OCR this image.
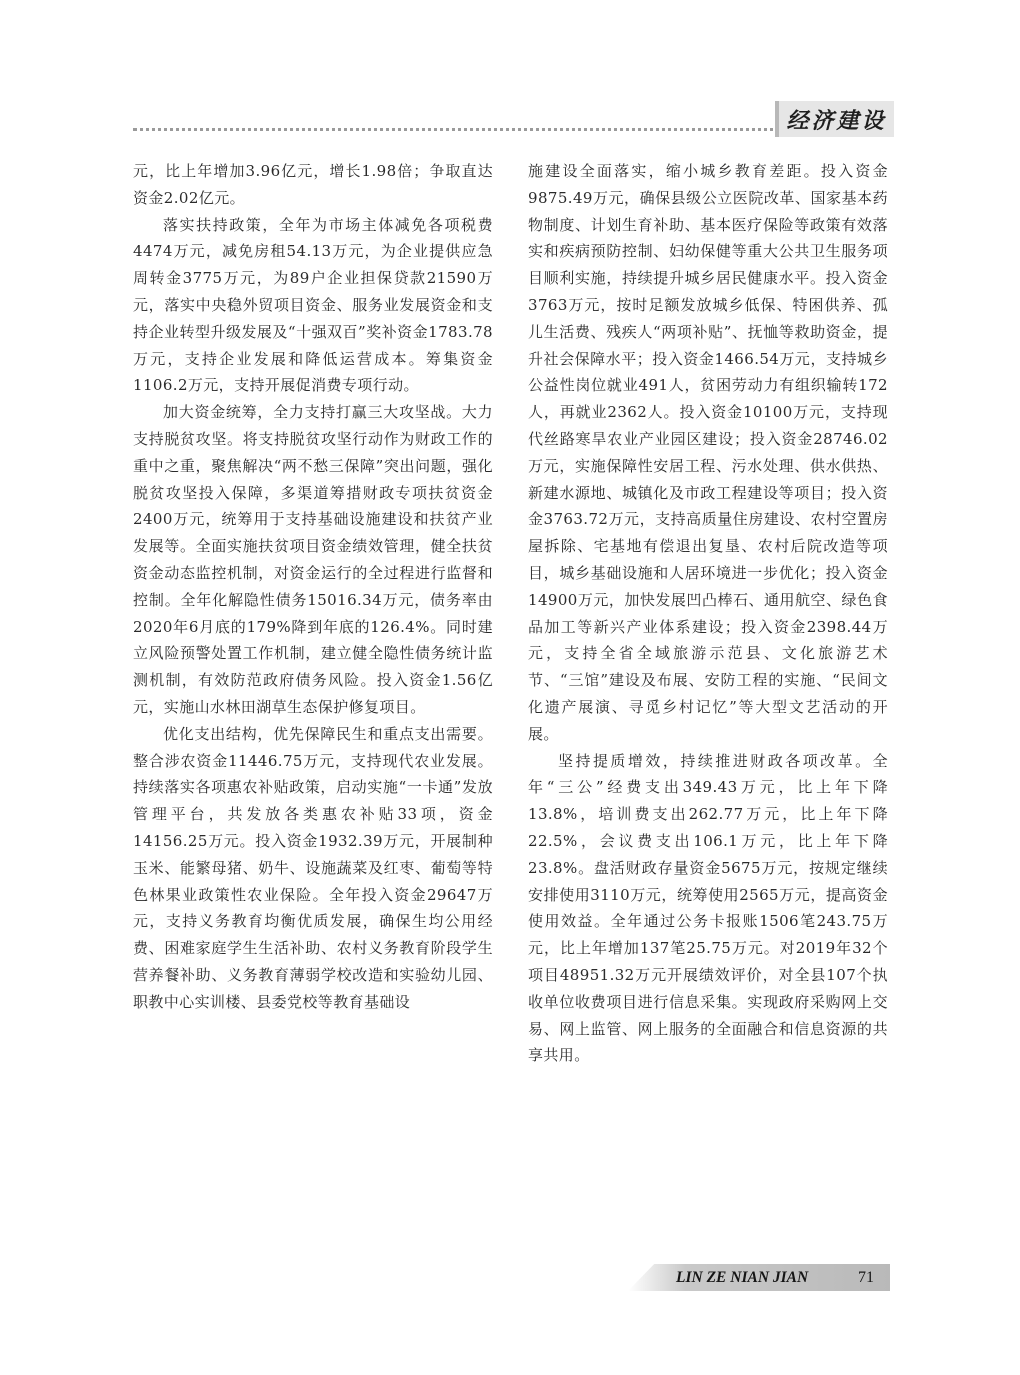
经济建设

元，比上年增加3.96亿元，增长1.98倍；争取直达资金2.02亿元。

落实扶持政策，全年为市场主体减免各项税费4474万元，减免房租54.13万元，为企业提供应急周转金3775万元，为89户企业担保贷款21590万元，落实中央稳外贸项目资金、服务业发展资金和支持企业转型升级发展及“十强双百”奖补资金1783.78万元，支持企业发展和降低运营成本。筹集资金1106.2万元，支持开展促消费专项行动。

加大资金统筹，全力支持打赢三大攻坚战。大力支持脱贫攻坚。将支持脱贫攻坚行动作为财政工作的重中之重，聚焦解决“两不愁三保障”突出问题，强化脱贫攻坚投入保障，多渠道筹措财政专项扶贫资金2400万元，统筹用于支持基础设施建设和扶贫产业发展等。全面实施扶贫项目资金绩效管理，健全扶贫资金动态监控机制，对资金运行的全过程进行监督和控制。全年化解隐性债务15016.34万元，债务率由2020年6月底的179%降到年底的126.4%。同时建立风险预警处置工作机制，建立健全隐性债务统计监测机制，有效防范政府债务风险。投入资金1.56亿元，实施山水林田湖草生态保护修复项目。

优化支出结构，优先保障民生和重点支出需要。整合涉农资金11446.75万元，支持现代农业发展。持续落实各项惠农补贴政策，启动实施“一卡通”发放管理平台，共发放各类惠农补贴33项，资金14156.25万元。投入资金1932.39万元，开展制种玉米、能繁母猪、奶牛、设施蔬菜及红枣、葡萄等特色林果业政策性农业保险。全年投入资金29647万元，支持义务教育均衡优质发展，确保生均公用经费、困难家庭学生生活补助、农村义务教育阶段学生营养餐补助、义务教育薄弱学校改造和实验幼儿园、职教中心实训楼、县委党校等教育基础设

施建设全面落实，缩小城乡教育差距。投入资金9875.49万元，确保县级公立医院改革、国家基本药物制度、计划生育补助、基本医疗保险等政策有效落实和疾病预防控制、妇幼保健等重大公共卫生服务项目顺利实施，持续提升城乡居民健康水平。投入资金3763万元，按时足额发放城乡低保、特困供养、孤儿生活费、残疾人“两项补贴”、抚恤等救助资金，提升社会保障水平；投入资金1466.54万元，支持城乡公益性岗位就业491人，贫困劳动力有组织输转172人，再就业2362人。投入资金10100万元，支持现代丝路寒旱农业产业园区建设；投入资金28746.02万元，实施保障性安居工程、污水处理、供水供热、新建水源地、城镇化及市政工程建设等项目；投入资金3763.72万元，支持高质量住房建设、农村空置房屋拆除、宅基地有偿退出复垦、农村后院改造等项目，城乡基础设施和人居环境进一步优化；投入资金14900万元，加快发展凹凸棒石、通用航空、绿色食品加工等新兴产业体系建设；投入资金2398.44万元，支持全省全域旅游示范县、文化旅游艺术节、“三馆”建设及布展、安防工程的实施、“民间文化遗产展演、寻觅乡村记忆”等大型文艺活动的开展。

坚持提质增效，持续推进财政各项改革。全年“三公”经费支出349.43万元，比上年下降13.8%，培训费支出262.77万元，比上年下降22.5%，会议费支出106.1万元，比上年下降23.8%。盘活财政存量资金5675万元，按规定继续安排使用3110万元，统筹使用2565万元，提高资金使用效益。全年通过公务卡报账1506笔243.75万元，比上年增加137笔25.75万元。对2019年32个项目48951.32万元开展绩效评价，对全县107个执收单位收费项目进行信息采集。实现政府采购网上交易、网上监管、网上服务的全面融合和信息资源的共享共用。

LIN ZE NIAN JIAN	71
